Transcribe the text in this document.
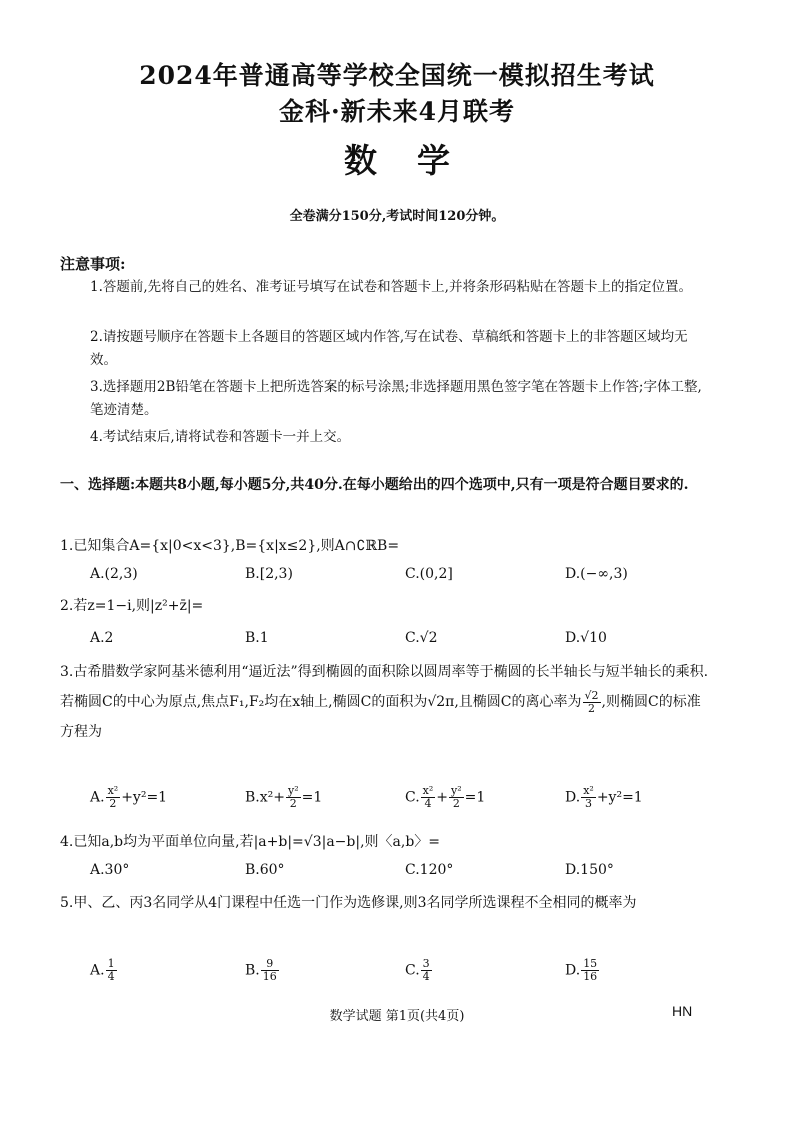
2024年普通高等学校全国统一模拟招生考试
金科·新未来4月联考
数学
全卷满分150分,考试时间120分钟。
注意事项:
1.答题前,先将自己的姓名、准考证号填写在试卷和答题卡上,并将条形码粘贴在答题卡上的指定位置。
2.请按题号顺序在答题卡上各题目的答题区域内作答,写在试卷、草稿纸和答题卡上的非答题区域均无效。
3.选择题用2B铅笔在答题卡上把所选答案的标号涂黑;非选择题用黑色签字笔在答题卡上作答;字体工整,笔迹清楚。
4.考试结束后,请将试卷和答题卡一并上交。
一、选择题:本题共8小题,每小题5分,共40分.在每小题给出的四个选项中,只有一项是符合题目要求的.
1.已知集合A={x|0<x<3},B={x|x≤2},则A∩∁ℝB=
A.(2,3)	B.[2,3)	C.(0,2]	D.(−∞,3)
2.若z=1−i,则|z²+z̄|=
A.2	B.1	C.√2	D.√10
3.古希腊数学家阿基米德利用“逼近法”得到椭圆的面积除以圆周率等于椭圆的长半轴长与短半轴长的乘积.若椭圆C的中心为原点,焦点F₁,F₂均在x轴上,椭圆C的面积为√2π,且椭圆C的离心率为 $\frac{√2}{2}$ ,则椭圆C的标准方程为
A. $\frac{\text{x²}}{2} +y^2=1$	$B.x^2+ \frac{\text{y²}}{2} =1$	C. $\frac{\text{x²}}{4} + \frac{\text{y²}}{2} =1$	D. $\frac{\text{x²}}{3} +y^2=1$
4.已知a,b均为平面单位向量,若|a+b|=√3|a−b|,则〈a,b〉=
A.30°	B.60°	C.120°	D.150°
5.甲、乙、丙3名同学从4门课程中任选一门作为选修课,则3名同学所选课程不全相同的概率为
A. $\frac{1}{4}$	B. $\frac{9}{16}$	C. $\frac{3}{4}$	D. $\frac{15}{16}$
数学试题 第1页(共4页)	HN
